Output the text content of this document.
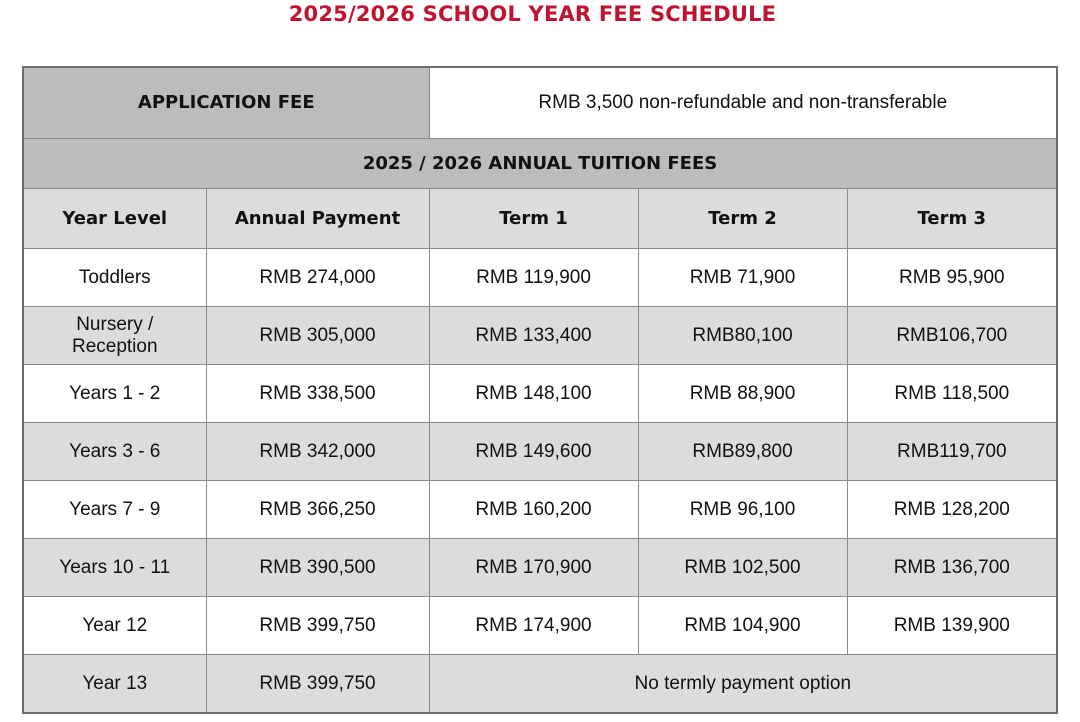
2025/2026 SCHOOL YEAR FEE SCHEDULE
APPLICATION FEE		RMB 3,500 non-refundable and non-transferable		
2025 / 2026 ANNUAL TUITION FEES				
Year Level	Annual Payment	Term 1	Term 2	Term 3
Toddlers	RMB 274,000	RMB 119,900	RMB 71,900	RMB 95,900
Nursery / Reception	RMB 305,000	RMB 133,400	RMB80,100	RMB106,700
Years 1 - 2	RMB 338,500	RMB 148,100	RMB 88,900	RMB 118,500
Years 3 - 6	RMB 342,000	RMB 149,600	RMB89,800	RMB119,700
Years 7 - 9	RMB 366,250	RMB 160,200	RMB 96,100	RMB 128,200
Years 10 - 11	RMB 390,500	RMB 170,900	RMB 102,500	RMB 136,700
Year 12	RMB 399,750	RMB 174,900	RMB 104,900	RMB 139,900
Year 13	RMB 399,750	No termly payment option		
